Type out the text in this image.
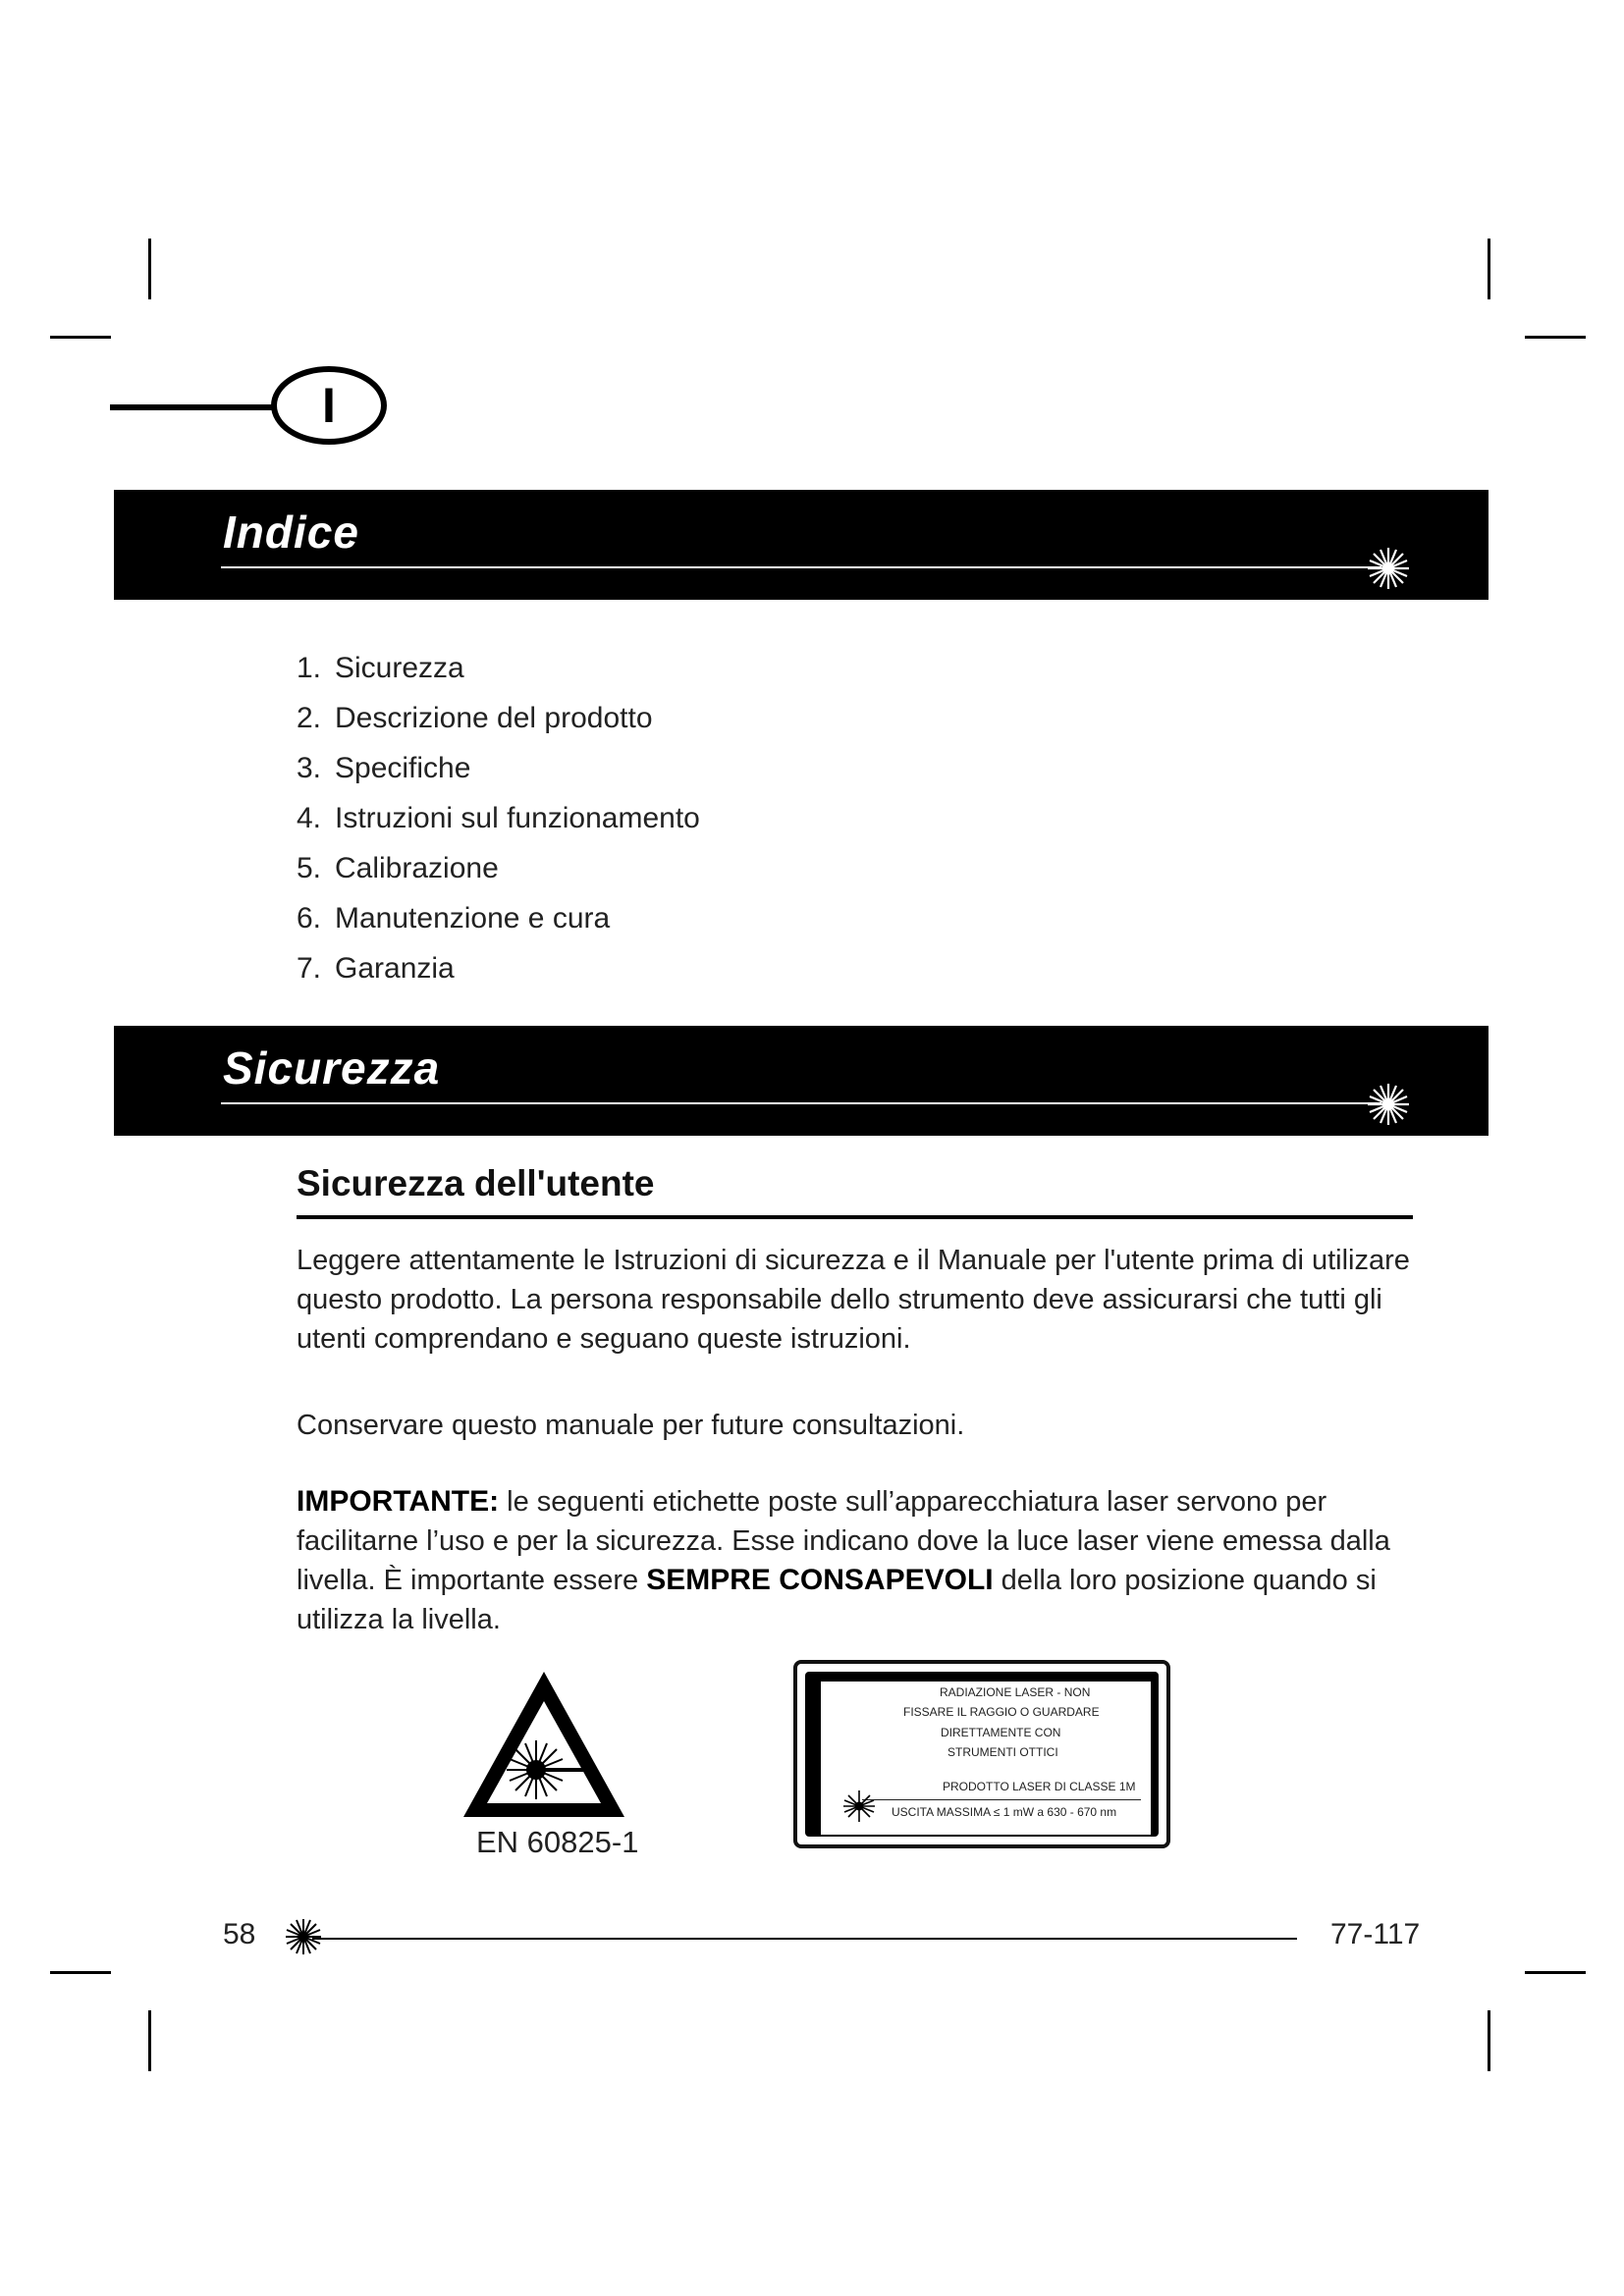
I
Indice
1. Sicurezza
2. Descrizione del prodotto
3. Specifiche
4. Istruzioni sul funzionamento
5. Calibrazione
6. Manutenzione e cura
7. Garanzia
Sicurezza
Sicurezza dell'utente

Leggere attentamente le Istruzioni di sicurezza e il Manuale per l'utente prima di utilizare questo prodotto. La persona responsabile dello strumento deve assicurarsi che tutti gli utenti comprendano e seguano queste istruzioni.

Conservare questo manuale per future consultazioni.

IMPORTANTE: le seguenti etichette poste sull’apparecchiatura laser servono per facilitarne l’uso e per la sicurezza. Esse indicano dove la luce laser viene emessa dalla livella. È importante essere SEMPRE CONSAPEVOLI della loro posizione quando si utilizza la livella.

EN 60825-1
RADIAZIONE LASER - NON
FISSARE IL RAGGIO O GUARDARE
DIRETTAMENTE CON
STRUMENTI OTTICI
PRODOTTO LASER DI CLASSE 1M
USCITA MASSIMA ≤ 1 mW a 630 - 670 nm
58	77-117
